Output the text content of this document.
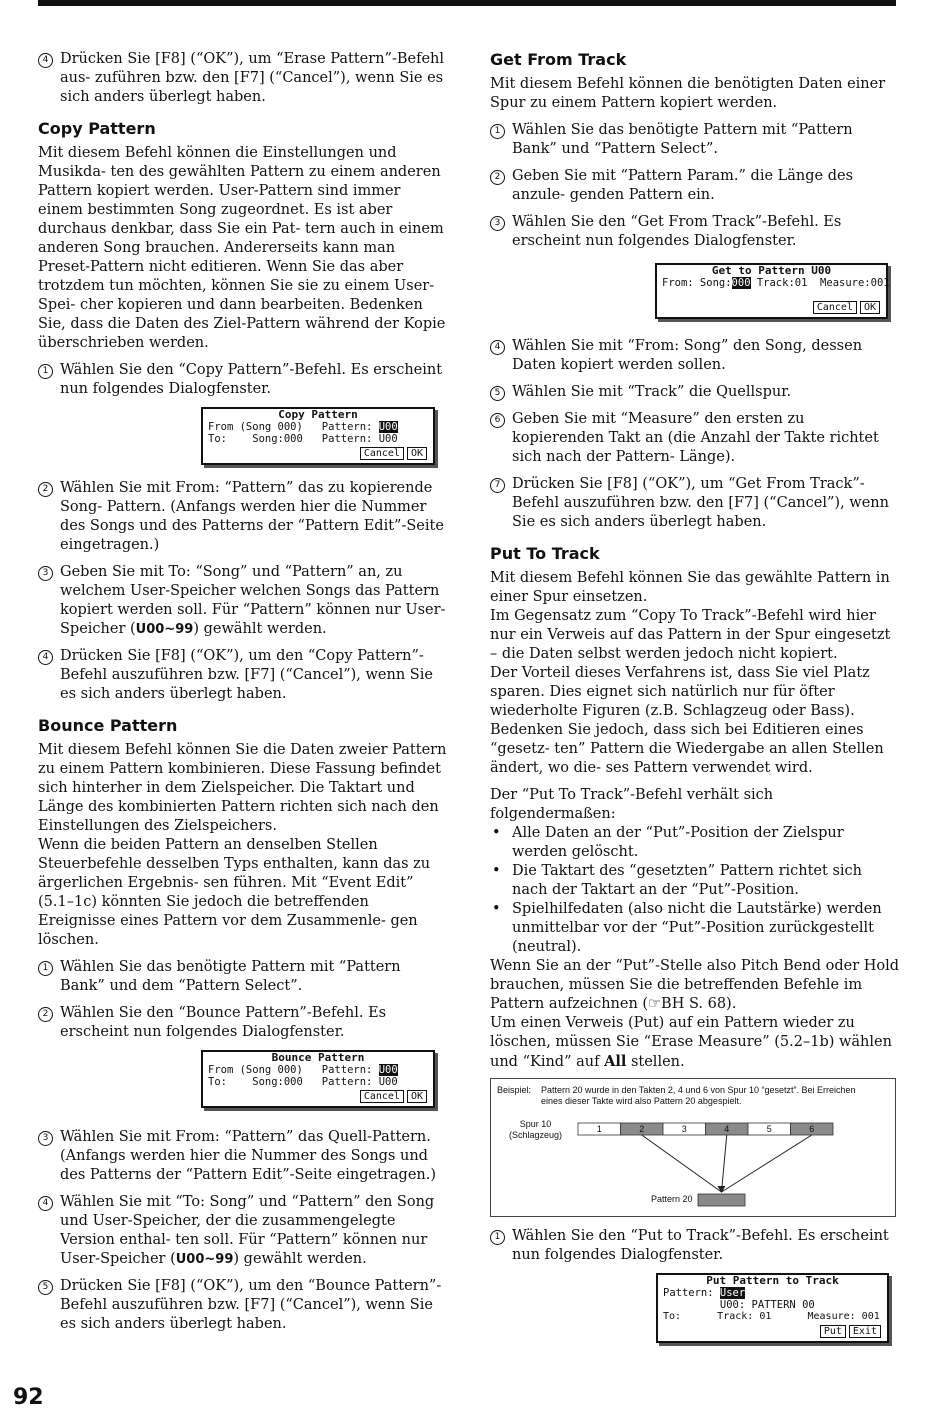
4 Drücken Sie [F8] (“OK”), um “Erase Pattern”-Befehl aus- zuführen bzw. den [F7] (“Cancel”), wenn Sie es sich anders überlegt haben.
Copy Pattern

Mit diesem Befehl können die Einstellungen und Musikda- ten des gewählten Pattern zu einem anderen Pattern kopiert werden. User-Pattern sind immer einem bestimmten Song zugeordnet. Es ist aber durchaus denkbar, dass Sie ein Pat- tern auch in einem anderen Song brauchen. Andererseits kann man Preset-Pattern nicht editieren. Wenn Sie das aber trotzdem tun möchten, können Sie sie zu einem User-Spei- cher kopieren und dann bearbeiten. Bedenken Sie, dass die Daten des Ziel-Pattern während der Kopie überschrieben werden.

1 Wählen Sie den “Copy Pattern”-Befehl. Es erscheint nun folgendes Dialogfenster.
Copy Pattern
From (Song 000) Pattern: U00
To:    Song:000 Pattern: U00
Cancel	OK
2 Wählen Sie mit From: “Pattern” das zu kopierende Song- Pattern. (Anfangs werden hier die Nummer des Songs und des Patterns der “Pattern Edit”-Seite eingetragen.)
3 Geben Sie mit To: “Song” und “Pattern” an, zu welchem User-Speicher welchen Songs das Pattern kopiert werden soll. Für “Pattern” können nur User-Speicher (U00~99) gewählt werden.
4 Drücken Sie [F8] (“OK”), um den “Copy Pattern”-Befehl auszuführen bzw. [F7] (“Cancel”), wenn Sie es sich anders überlegt haben.
Bounce Pattern

Mit diesem Befehl können Sie die Daten zweier Pattern zu einem Pattern kombinieren. Diese Fassung befindet sich hinterher in dem Zielspeicher. Die Taktart und Länge des kombinierten Pattern richten sich nach den Einstellungen des Zielspeichers.

Wenn die beiden Pattern an denselben Stellen Steuerbefehle desselben Typs enthalten, kann das zu ärgerlichen Ergebnis- sen führen. Mit “Event Edit” (5.1–1c) könnten Sie jedoch die betreffenden Ereignisse eines Pattern vor dem Zusammenle- gen löschen.

1 Wählen Sie das benötigte Pattern mit “Pattern Bank” und dem “Pattern Select”.
2 Wählen Sie den “Bounce Pattern”-Befehl. Es erscheint nun folgendes Dialogfenster.
Bounce Pattern
From (Song 000) Pattern: U00
To:    Song:000 Pattern: U00
Cancel	OK
3 Wählen Sie mit From: “Pattern” das Quell-Pattern. (Anfangs werden hier die Nummer des Songs und des Patterns der “Pattern Edit”-Seite eingetragen.)
4 Wählen Sie mit “To: Song” und “Pattern” den Song und User-Speicher, der die zusammengelegte Version enthal- ten soll. Für “Pattern” können nur User-Speicher (U00~99) gewählt werden.
5 Drücken Sie [F8] (“OK”), um den “Bounce Pattern”- Befehl auszuführen bzw. [F7] (“Cancel”), wenn Sie es sich anders überlegt haben.
Get From Track

Mit diesem Befehl können die benötigten Daten einer Spur zu einem Pattern kopiert werden.

1 Wählen Sie das benötigte Pattern mit “Pattern Bank” und “Pattern Select”.
2 Geben Sie mit “Pattern Param.” die Länge des anzule- genden Pattern ein.
3 Wählen Sie den “Get From Track”-Befehl. Es erscheint nun folgendes Dialogfenster.
Get to Pattern U00
From: Song:000 Track:01  Measure:001
Cancel	OK
4 Wählen Sie mit “From: Song” den Song, dessen Daten kopiert werden sollen.
5 Wählen Sie mit “Track” die Quellspur.
6 Geben Sie mit “Measure” den ersten zu kopierenden Takt an (die Anzahl der Takte richtet sich nach der Pattern- Länge).
7 Drücken Sie [F8] (“OK”), um “Get From Track”-Befehl auszuführen bzw. den [F7] (“Cancel”), wenn Sie es sich anders überlegt haben.
Put To Track

Mit diesem Befehl können Sie das gewählte Pattern in einer Spur einsetzen.

Im Gegensatz zum “Copy To Track”-Befehl wird hier nur ein Verweis auf das Pattern in der Spur eingesetzt – die Daten selbst werden jedoch nicht kopiert.

Der Vorteil dieses Verfahrens ist, dass Sie viel Platz sparen. Dies eignet sich natürlich nur für öfter wiederholte Figuren (z.B. Schlagzeug oder Bass).

Bedenken Sie jedoch, dass sich bei Editieren eines “gesetz- ten” Pattern die Wiedergabe an allen Stellen ändert, wo die- ses Pattern verwendet wird.

Der “Put To Track”-Befehl verhält sich folgendermaßen:

• Alle Daten an der “Put”-Position der Zielspur werden gelöscht.
• Die Taktart des “gesetzten” Pattern richtet sich nach der Taktart an der “Put”-Position.
• Spielhilfedaten (also nicht die Lautstärke) werden unmittelbar vor der “Put”-Position zurückgestellt (neutral).

Wenn Sie an der “Put”-Stelle also Pitch Bend oder Hold brauchen, müssen Sie die betreffenden Befehle im Pattern aufzeichnen (☞BH S. 68).

Um einen Verweis (Put) auf ein Pattern wieder zu löschen, müssen Sie “Erase Measure” (5.2–1b) wählen und “Kind” auf All stellen.

Beispiel: Pattern 20 wurde in den Takten 2, 4 und 6 von Spur 10 “gesetzt”. Bei Erreichen eines dieser Takte wird also Pattern 20 abgespielt.
Spur 10
(Schlagzeug)
1	2	3	4	5	6
Pattern 20
1 Wählen Sie den “Put to Track”-Befehl. Es erscheint nun folgendes Dialogfenster.
Put Pattern to Track
Pattern: User
U00: PATTERN 00
To:      Track: 01      Measure: 001
Put	Exit
92
